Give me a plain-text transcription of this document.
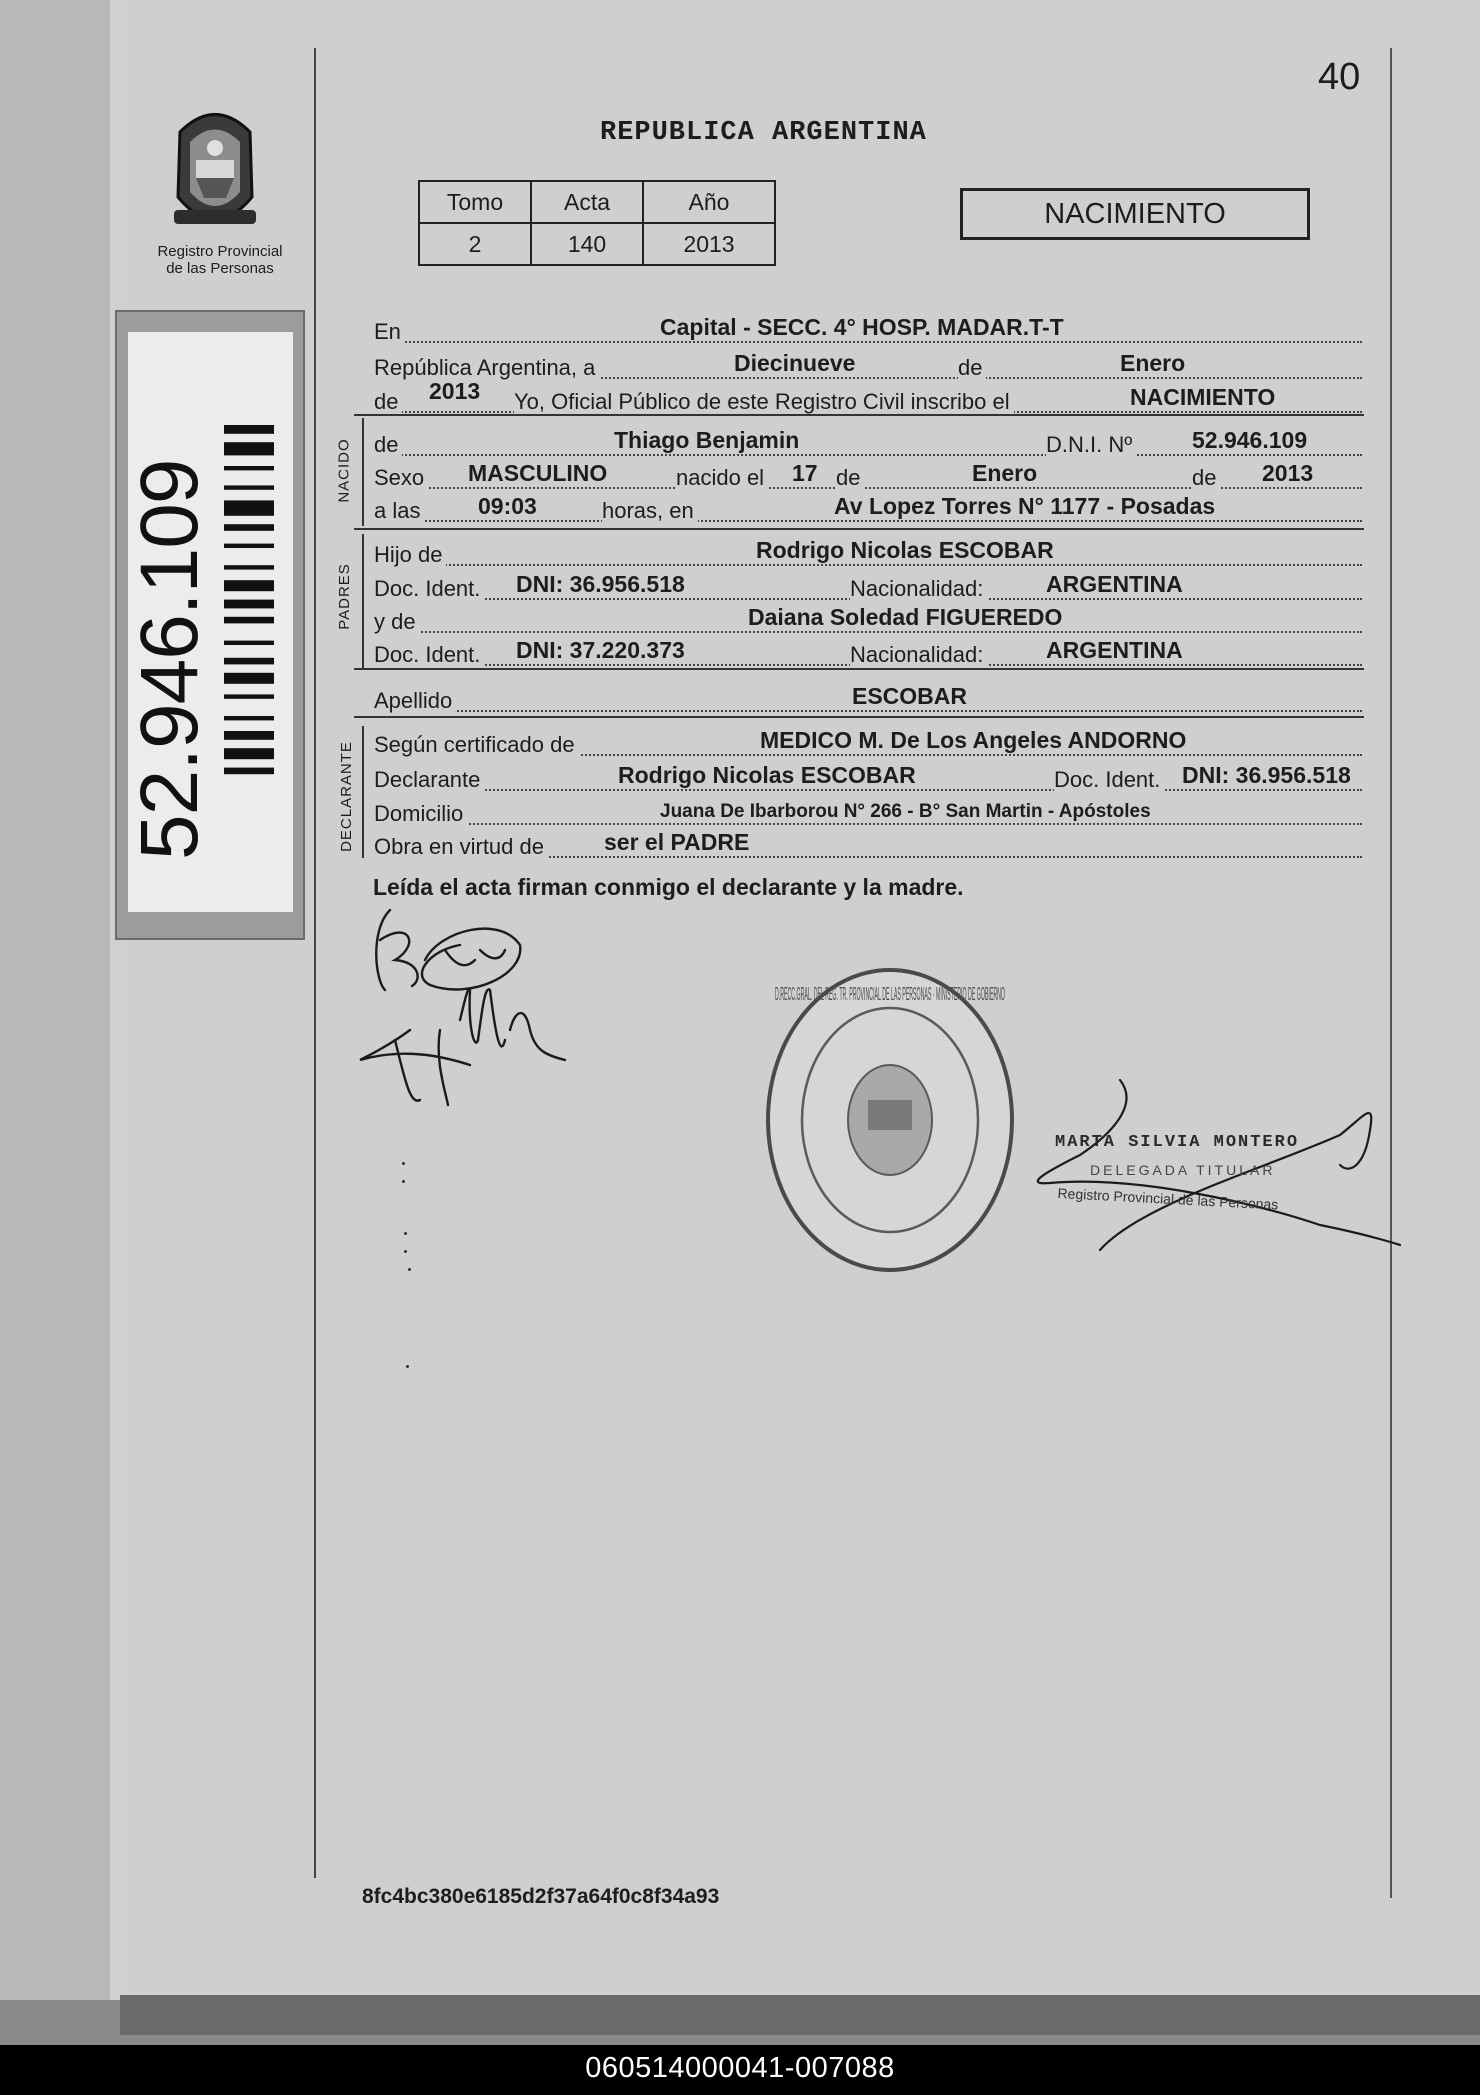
40
REPUBLICA ARGENTINA
Registro Provincial
de las Personas
52.946.109
Tomo	Acta	Año
2	140	2013
NACIMIENTO
En	Capital - SECC. 4° HOSP. MADAR.T-T
República Argentina, a	Diecinueve	de	Enero
de 2013 Yo, Oficial Público de este Registro Civil inscribo el	NACIMIENTO
de	Thiago Benjamin	D.N.I. Nº	52.946.109
Sexo MASCULINO	nacido el 17 de	Enero	de 2013
a las	09:03	horas, en	Av Lopez Torres N° 1177 - Posadas
NACIDO
Hijo de	Rodrigo Nicolas ESCOBAR
Doc. Ident. DNI: 36.956.518	Nacionalidad:	ARGENTINA
y de	Daiana Soledad FIGUEREDO
Doc. Ident. DNI: 37.220.373	Nacionalidad:	ARGENTINA
PADRES
Apellido	ESCOBAR
Según certificado de	MEDICO M. De Los Angeles ANDORNO
Declarante	Rodrigo Nicolas ESCOBAR	Doc. Ident. DNI: 36.956.518
Domicilio	Juana De Ibarborou N° 266 - B° San Martin - Apóstoles
Obra en virtud de	ser el PADRE
DECLARANTE
Leída el acta firman conmigo el declarante y la madre.
D.RECC.GRAL. DEL REG. TR. PROVINCIAL DE LAS PERSONAS · MINISTERIO DE GOBIERNO
MARTA SILVIA MONTERO
DELEGADA TITULAR
Registro Provincial de las Personas
8fc4bc380e6185d2f37a64f0c8f34a93
060514000041-007088
